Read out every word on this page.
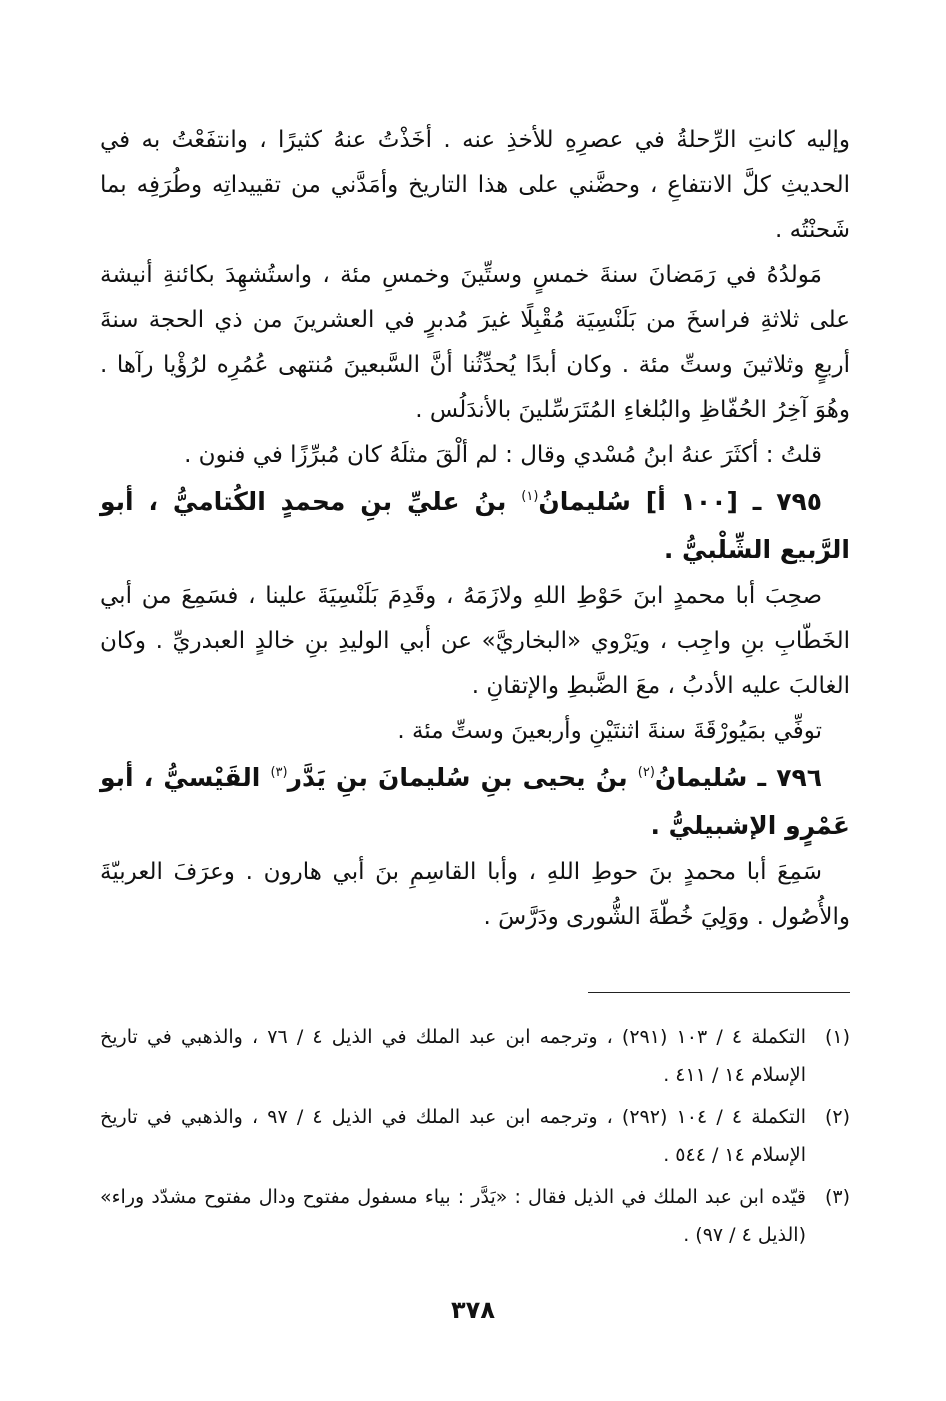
وإليه كانتِ الرِّحلةُ في عصرِهِ للأخذِ عنه . أخَذْتُ عنهُ كثيرًا ، وانتفَعْتُ به في الحديثِ كلَّ الانتفاعِ ، وحضَّني على هذا التاريخ وأمَدَّني من تقييداتِه وطُرَفِه بما شَحنْتُه .

مَولدُهُ في رَمَضانَ سنةَ خمسٍ وستِّينَ وخمسِ مئة ، واستُشهِدَ بكائنةِ أنيشة على ثلاثةِ فراسخَ من بَلَنْسِيَة مُقْبِلًا غيرَ مُدبرٍ في العشرينَ من ذي الحجة سنةَ أربعٍ وثلاثينَ وستِّ مئة . وكان أبدًا يُحدِّثُنا أنَّ السَّبعينَ مُنتهى عُمُرِه لرُؤْيا رآها . وهُوَ آخِرُ الحُفّاظِ والبُلغاءِ المُتَرَسِّلينَ بالأندَلُس .

قلتُ : أكثَرَ عنهُ ابنُ مُسْدي وقال : لم ألْقَ مثلَهُ كان مُبرِّزًا في فنون .

٧٩٥ ـ [١٠٠ أ] سُليمانُ$^{(١)}$ بنُ عليِّ بنِ محمدٍ الكُتاميُّ ، أبو الرَّبيع الشِّلْبيُّ .

صحِبَ أبا محمدٍ ابنَ حَوْطِ اللهِ ولازَمَهُ ، وقَدِمَ بَلَنْسِيَةَ علينا ، فسَمِعَ من أبي الخَطّابِ بنِ واجِب ، ويَرْوي «البخاريَّ» عن أبي الوليدِ بنِ خالدٍ العبدريِّ . وكان الغالبَ عليه الأدبُ ، معَ الضَّبطِ والإتقانِ .

توفِّي بمَيُورْقَةَ سنةَ اثنتَيْنِ وأربعينَ وستِّ مئة .

٧٩٦ ـ سُليمانُ$^{(٢)}$ بنُ يحيى بنِ سُليمانَ بنِ يَدَّر$^{(٣)}$ القَيْسيُّ ، أبو عَمْرٍو الإشبيليُّ .

سَمِعَ أبا محمدٍ بنَ حوطِ اللهِ ، وأبا القاسِمِ بنَ أبي هارون . وعرَفَ العربيّةَ والأُصُول . ووَلِيَ خُطّةَ الشُّورى ودَرَّسَ .

(١)
التكملة ٤ / ١٠٣ (٢٩١) ، وترجمه ابن عبد الملك في الذيل ٤ / ٧٦ ، والذهبي في تاريخ الإسلام ١٤ / ٤١١ .
(٢)
التكملة ٤ / ١٠٤ (٢٩٢) ، وترجمه ابن عبد الملك في الذيل ٤ / ٩٧ ، والذهبي في تاريخ الإسلام ١٤ / ٥٤٤ .
(٣)
قيّده ابن عبد الملك في الذيل فقال : «يَدَّر : بياء مسفول مفتوح ودال مفتوح مشدّد وراء» (الذيل ٤ / ٩٧) .
٣٧٨
